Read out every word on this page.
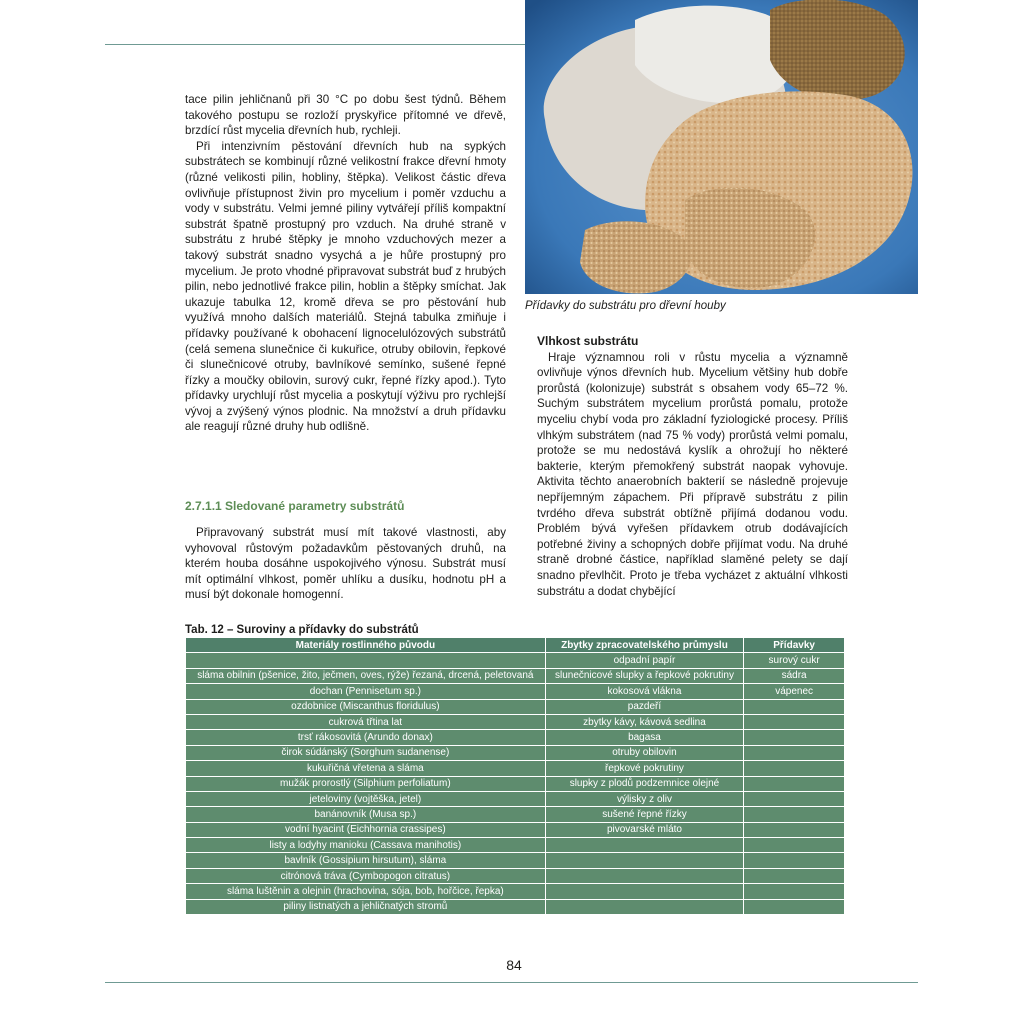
Přídavky do substrátu pro dřevní houby

tace pilin jehličnanů při 30 °C po dobu šest týdnů. Během takového postupu se rozloží pryskyřice přítomné ve dřevě, brzdící růst mycelia dřevních hub, rychleji.

Při intenzivním pěstování dřevních hub na sypkých substrátech se kombinují různé velikostní frakce dřevní hmoty (různé velikosti pilin, hobliny, štěpka). Velikost částic dřeva ovlivňuje přístupnost živin pro mycelium i poměr vzduchu a vody v substrátu. Velmi jemné piliny vytvářejí příliš kompaktní substrát špatně prostupný pro vzduch. Na druhé straně v substrátu z hrubé štěpky je mnoho vzduchových mezer a takový substrát snadno vysychá a je hůře prostupný pro mycelium. Je proto vhodné připravovat substrát buď z hrubých pilin, nebo jednotlivé frakce pilin, hoblin a štěpky smíchat. Jak ukazuje tabulka 12, kromě dřeva se pro pěstování hub využívá mnoho dalších materiálů. Stejná tabulka zmiňuje i přídavky používané k obohacení lignocelulózových substrátů (celá semena slunečnice či kukuřice, otruby obilovin, řepkové či slunečnicové otruby, bavlníkové semínko, sušené řepné řízky a moučky obilovin, surový cukr, řepné řízky apod.). Tyto přídavky urychlují růst mycelia a poskytují výživu pro rychlejší vývoj a zvýšený výnos plodnic. Na množství a druh přídavku ale reagují různé druhy hub odlišně.

2.7.1.1 Sledované parametry substrátů

Připravovaný substrát musí mít takové vlastnosti, aby vyhovoval růstovým požadavkům pěstovaných druhů, na kterém houba dosáhne uspokojivého výnosu. Substrát musí mít optimální vlhkost, poměr uhlíku a dusíku, hodnotu pH a musí být dokonale homogenní.

Vlhkost substrátu

Hraje významnou roli v růstu mycelia a významně ovlivňuje výnos dřevních hub. Mycelium většiny hub dobře prorůstá (kolonizuje) substrát s obsahem vody 65–72 %. Suchým substrátem mycelium prorůstá pomalu, protože myceliu chybí voda pro základní fyziologické procesy. Příliš vlhkým substrátem (nad 75 % vody) prorůstá velmi pomalu, protože se mu nedostává kyslík a ohrožují ho některé bakterie, kterým přemokřený substrát naopak vyhovuje. Aktivita těchto anaerobních bakterií se následně projevuje nepříjemným zápachem. Při přípravě substrátu z pilin tvrdého dřeva substrát obtížně přijímá dodanou vodu. Problém bývá vyřešen přídavkem otrub dodávajících potřebné živiny a schopných dobře přijímat vodu. Na druhé straně drobné částice, například slaměné pelety se dají snadno převlhčit. Proto je třeba vycházet z aktuální vlhkosti substrátu a dodat chybějící

Tab. 12 – Suroviny a přídavky do substrátů
Materiály rostlinného původu	Zbytky zpracovatelského průmyslu	Přídavky
	odpadní papír	surový cukr
sláma obilnin (pšenice, žito, ječmen, oves, rýže) řezaná, drcená, peletovaná	slunečnicové slupky a řepkové pokrutiny	sádra
dochan (Pennisetum sp.)	kokosová vlákna	vápenec
ozdobnice (Miscanthus floridulus)	pazdeří	
cukrová třtina lat	zbytky kávy, kávová sedlina	
trsť rákosovitá (Arundo donax)	bagasa	
čirok súdánský (Sorghum sudanense)	otruby obilovin	
kukuřičná vřetena a sláma	řepkové pokrutiny	
mužák prorostlý (Silphium perfoliatum)	slupky z plodů podzemnice olejné	
jeteloviny (vojtěška, jetel)	výlisky z oliv	
banánovník (Musa sp.)	sušené řepné řízky	
vodní hyacint (Eichhornia crassipes)	pivovarské mláto	
listy a lodyhy manioku (Cassava manihotis)		
bavlník (Gossipium hirsutum), sláma		
citrónová tráva (Cymbopogon citratus)		
sláma luštěnin a olejnin (hrachovina, sója, bob, hořčice, řepka)		
piliny listnatých a jehličnatých stromů		
84
